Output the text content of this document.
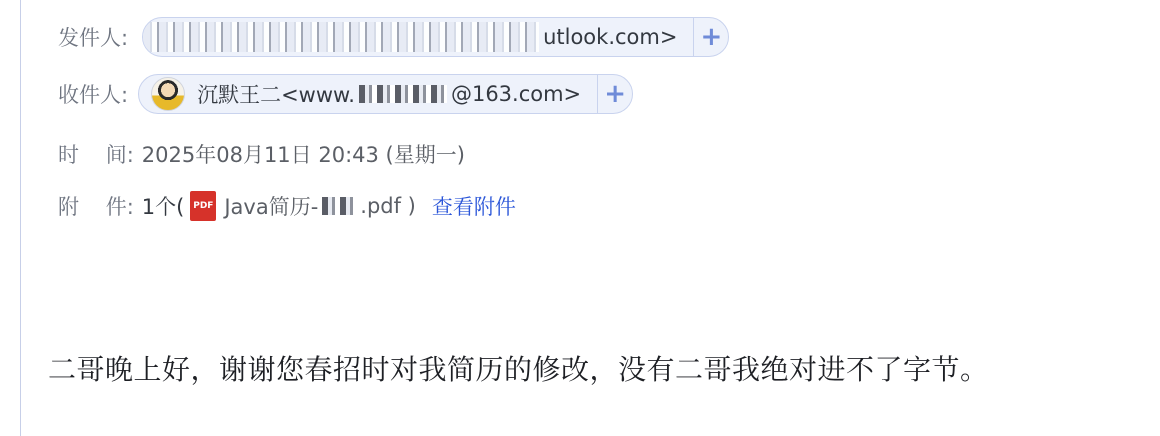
发件人:	utlook.com> +
收件人:	沉默王二<www.	@163.com> +
时    间: 2025年08月11日 20:43 (星期一)
附    件: 1个( PDF Java简历- .pdf ) 查看附件
二哥晚上好，谢谢您春招时对我简历的修改，没有二哥我绝对进不了字节。
